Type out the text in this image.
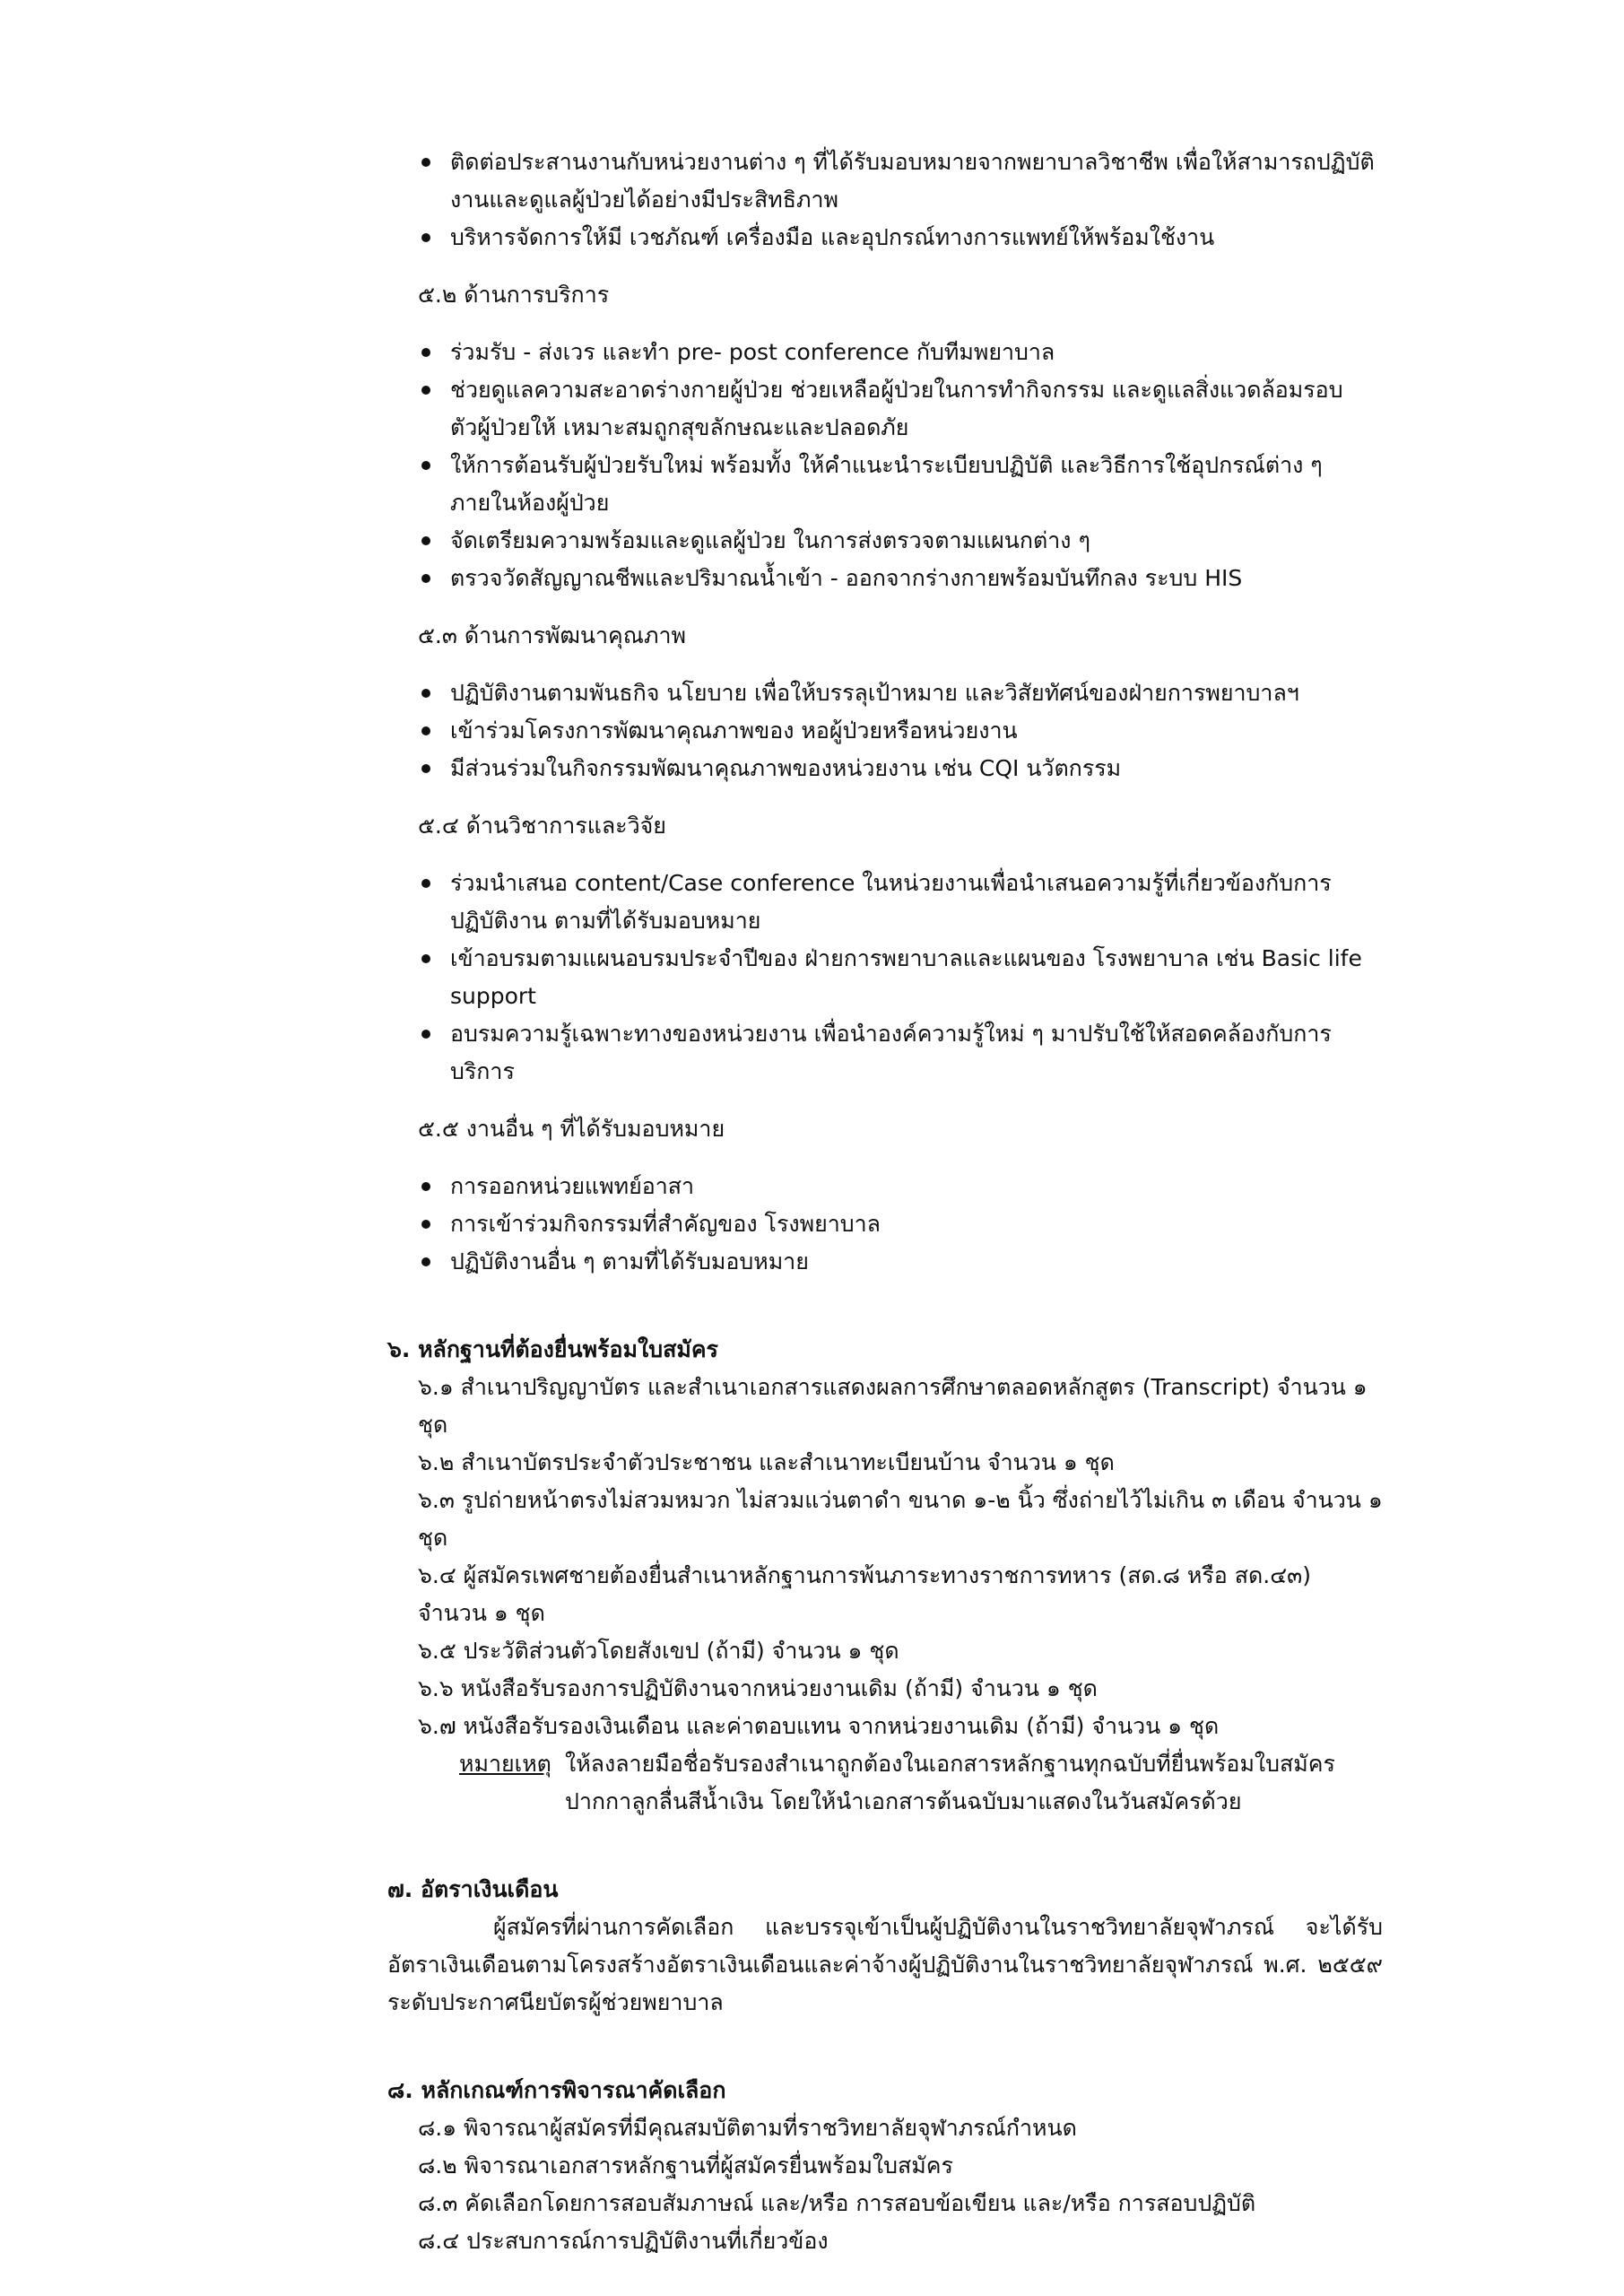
ติดต่อประสานงานกับหน่วยงานต่าง ๆ ที่ได้รับมอบหมายจากพยาบาลวิชาชีพ เพื่อให้สามารถปฏิบัติงานและดูแลผู้ป่วยได้อย่างมีประสิทธิภาพ
บริหารจัดการให้มี เวชภัณฑ์ เครื่องมือ และอุปกรณ์ทางการแพทย์ให้พร้อมใช้งาน
๕.๒ ด้านการบริการ
ร่วมรับ - ส่งเวร และทำ pre- post conference กับทีมพยาบาล
ช่วยดูแลความสะอาดร่างกายผู้ป่วย ช่วยเหลือผู้ป่วยในการทำกิจกรรม และดูแลสิ่งแวดล้อมรอบตัวผู้ป่วยให้ เหมาะสมถูกสุขลักษณะและปลอดภัย
ให้การต้อนรับผู้ป่วยรับใหม่ พร้อมทั้ง ให้คำแนะนำระเบียบปฏิบัติ และวิธีการใช้อุปกรณ์ต่าง ๆ ภายในห้องผู้ป่วย
จัดเตรียมความพร้อมและดูแลผู้ป่วย ในการส่งตรวจตามแผนกต่าง ๆ
ตรวจวัดสัญญาณชีพและปริมาณน้ำเข้า - ออกจากร่างกายพร้อมบันทึกลง ระบบ HIS
๕.๓ ด้านการพัฒนาคุณภาพ
ปฏิบัติงานตามพันธกิจ นโยบาย เพื่อให้บรรลุเป้าหมาย และวิสัยทัศน์ของฝ่ายการพยาบาลฯ
เข้าร่วมโครงการพัฒนาคุณภาพของ หอผู้ป่วยหรือหน่วยงาน
มีส่วนร่วมในกิจกรรมพัฒนาคุณภาพของหน่วยงาน เช่น CQI นวัตกรรม
๕.๔ ด้านวิชาการและวิจัย
ร่วมนำเสนอ content/Case conference ในหน่วยงานเพื่อนำเสนอความรู้ที่เกี่ยวข้องกับการปฏิบัติงาน ตามที่ได้รับมอบหมาย
เข้าอบรมตามแผนอบรมประจำปีของ ฝ่ายการพยาบาลและแผนของ โรงพยาบาล เช่น Basic life support
อบรมความรู้เฉพาะทางของหน่วยงาน เพื่อนำองค์ความรู้ใหม่ ๆ มาปรับใช้ให้สอดคล้องกับการบริการ
๕.๕ งานอื่น ๆ ที่ได้รับมอบหมาย
การออกหน่วยแพทย์อาสา
การเข้าร่วมกิจกรรมที่สำคัญของ โรงพยาบาล
ปฏิบัติงานอื่น ๆ ตามที่ได้รับมอบหมาย
๖. หลักฐานที่ต้องยื่นพร้อมใบสมัคร
๖.๑ สำเนาปริญญาบัตร และสำเนาเอกสารแสดงผลการศึกษาตลอดหลักสูตร (Transcript) จำนวน ๑ ชุด
๖.๒ สำเนาบัตรประจำตัวประชาชน และสำเนาทะเบียนบ้าน จำนวน ๑ ชุด
๖.๓ รูปถ่ายหน้าตรงไม่สวมหมวก ไม่สวมแว่นตาดำ ขนาด ๑-๒ นิ้ว ซึ่งถ่ายไว้ไม่เกิน ๓ เดือน จำนวน ๑ ชุด
๖.๔ ผู้สมัครเพศชายต้องยื่นสำเนาหลักฐานการพ้นภาระทางราชการทหาร (สด.๘ หรือ สด.๔๓) จำนวน ๑ ชุด
๖.๕ ประวัติส่วนตัวโดยสังเขป (ถ้ามี) จำนวน ๑ ชุด
๖.๖ หนังสือรับรองการปฏิบัติงานจากหน่วยงานเดิม (ถ้ามี) จำนวน ๑ ชุด
๖.๗ หนังสือรับรองเงินเดือน และค่าตอบแทน จากหน่วยงานเดิม (ถ้ามี) จำนวน ๑ ชุด
หมายเหตุ ให้ลงลายมือชื่อรับรองสำเนาถูกต้องในเอกสารหลักฐานทุกฉบับที่ยื่นพร้อมใบสมัคร
ปากกาลูกลื่นสีน้ำเงิน โดยให้นำเอกสารต้นฉบับมาแสดงในวันสมัครด้วย
๗. อัตราเงินเดือน
ผู้สมัครที่ผ่านการคัดเลือก และบรรจุเข้าเป็นผู้ปฏิบัติงานในราชวิทยาลัยจุฬาภรณ์ จะได้รับอัตราเงินเดือนตามโครงสร้างอัตราเงินเดือนและค่าจ้างผู้ปฏิบัติงานในราชวิทยาลัยจุฬาภรณ์ พ.ศ. ๒๕๕๙ ระดับประกาศนียบัตรผู้ช่วยพยาบาล
๘. หลักเกณฑ์การพิจารณาคัดเลือก
๘.๑ พิจารณาผู้สมัครที่มีคุณสมบัติตามที่ราชวิทยาลัยจุฬาภรณ์กำหนด
๘.๒ พิจารณาเอกสารหลักฐานที่ผู้สมัครยื่นพร้อมใบสมัคร
๘.๓ คัดเลือกโดยการสอบสัมภาษณ์ และ/หรือ การสอบข้อเขียน และ/หรือ การสอบปฏิบัติ
๘.๔ ประสบการณ์การปฏิบัติงานที่เกี่ยวข้อง
